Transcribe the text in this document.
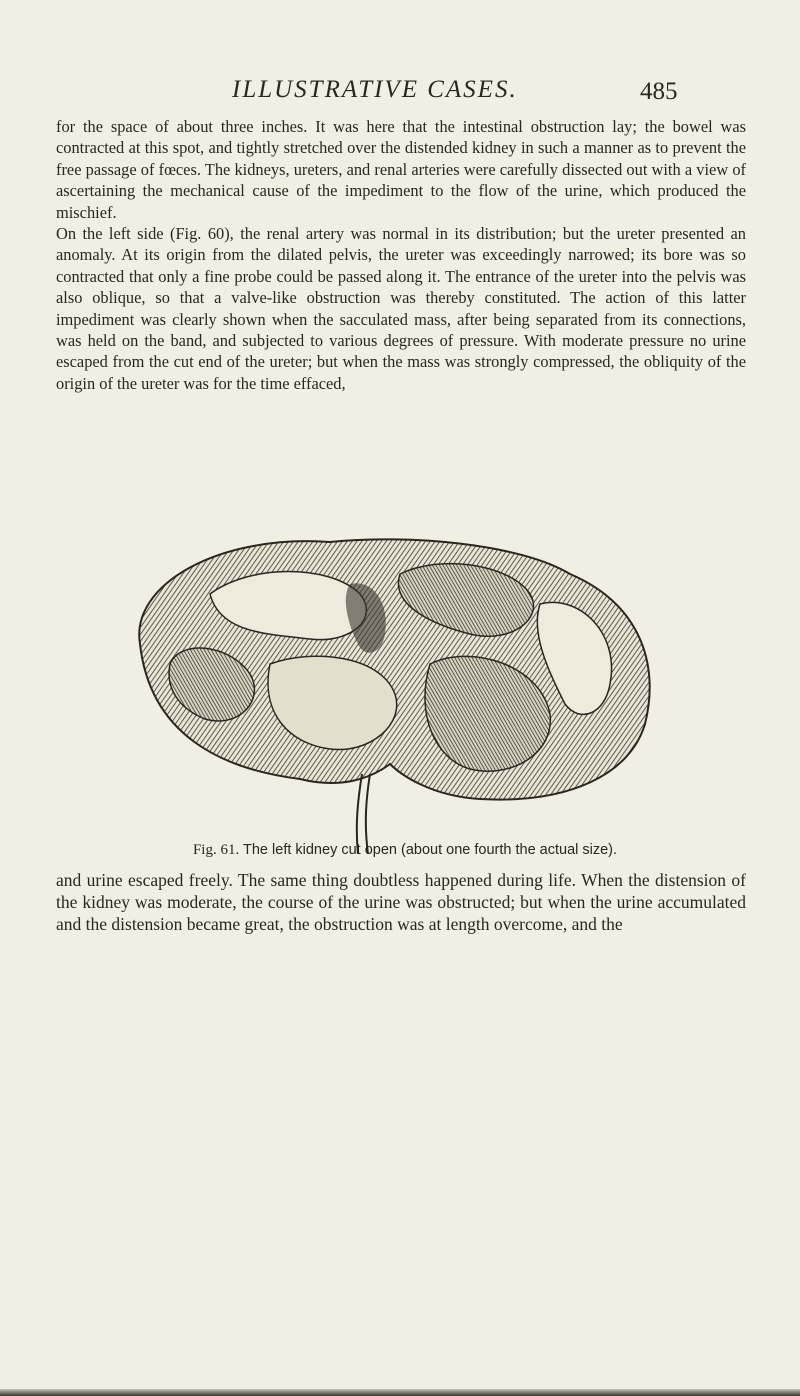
ILLUSTRATIVE CASES.	485

for the space of about three inches. It was here that the intestinal obstruction lay; the bowel was contracted at this spot, and tightly stretched over the distended kidney in such a manner as to prevent the free passage of fœces. The kidneys, ureters, and renal arteries were carefully dissected out with a view of ascertaining the mechanical cause of the impediment to the flow of the urine, which produced the mischief.

On the left side (Fig. 60), the renal artery was normal in its distribution; but the ureter presented an anomaly. At its origin from the dilated pelvis, the ureter was exceedingly narrowed; its bore was so contracted that only a fine probe could be passed along it. The entrance of the ureter into the pelvis was also oblique, so that a valve-like obstruction was thereby constituted. The action of this latter impediment was clearly shown when the sacculated mass, after being separated from its connections, was held on the band, and subjected to various degrees of pressure. With moderate pressure no urine escaped from the cut end of the ureter; but when the mass was strongly compressed, the obliquity of the origin of the ureter was for the time effaced,

Fig. 61. The left kidney cut open (about one fourth the actual size).
and urine escaped freely. The same thing doubtless happened during life. When the distension of the kidney was moderate, the course of the urine was obstructed; but when the urine accumulated and the distension became great, the obstruction was at length overcome, and the
